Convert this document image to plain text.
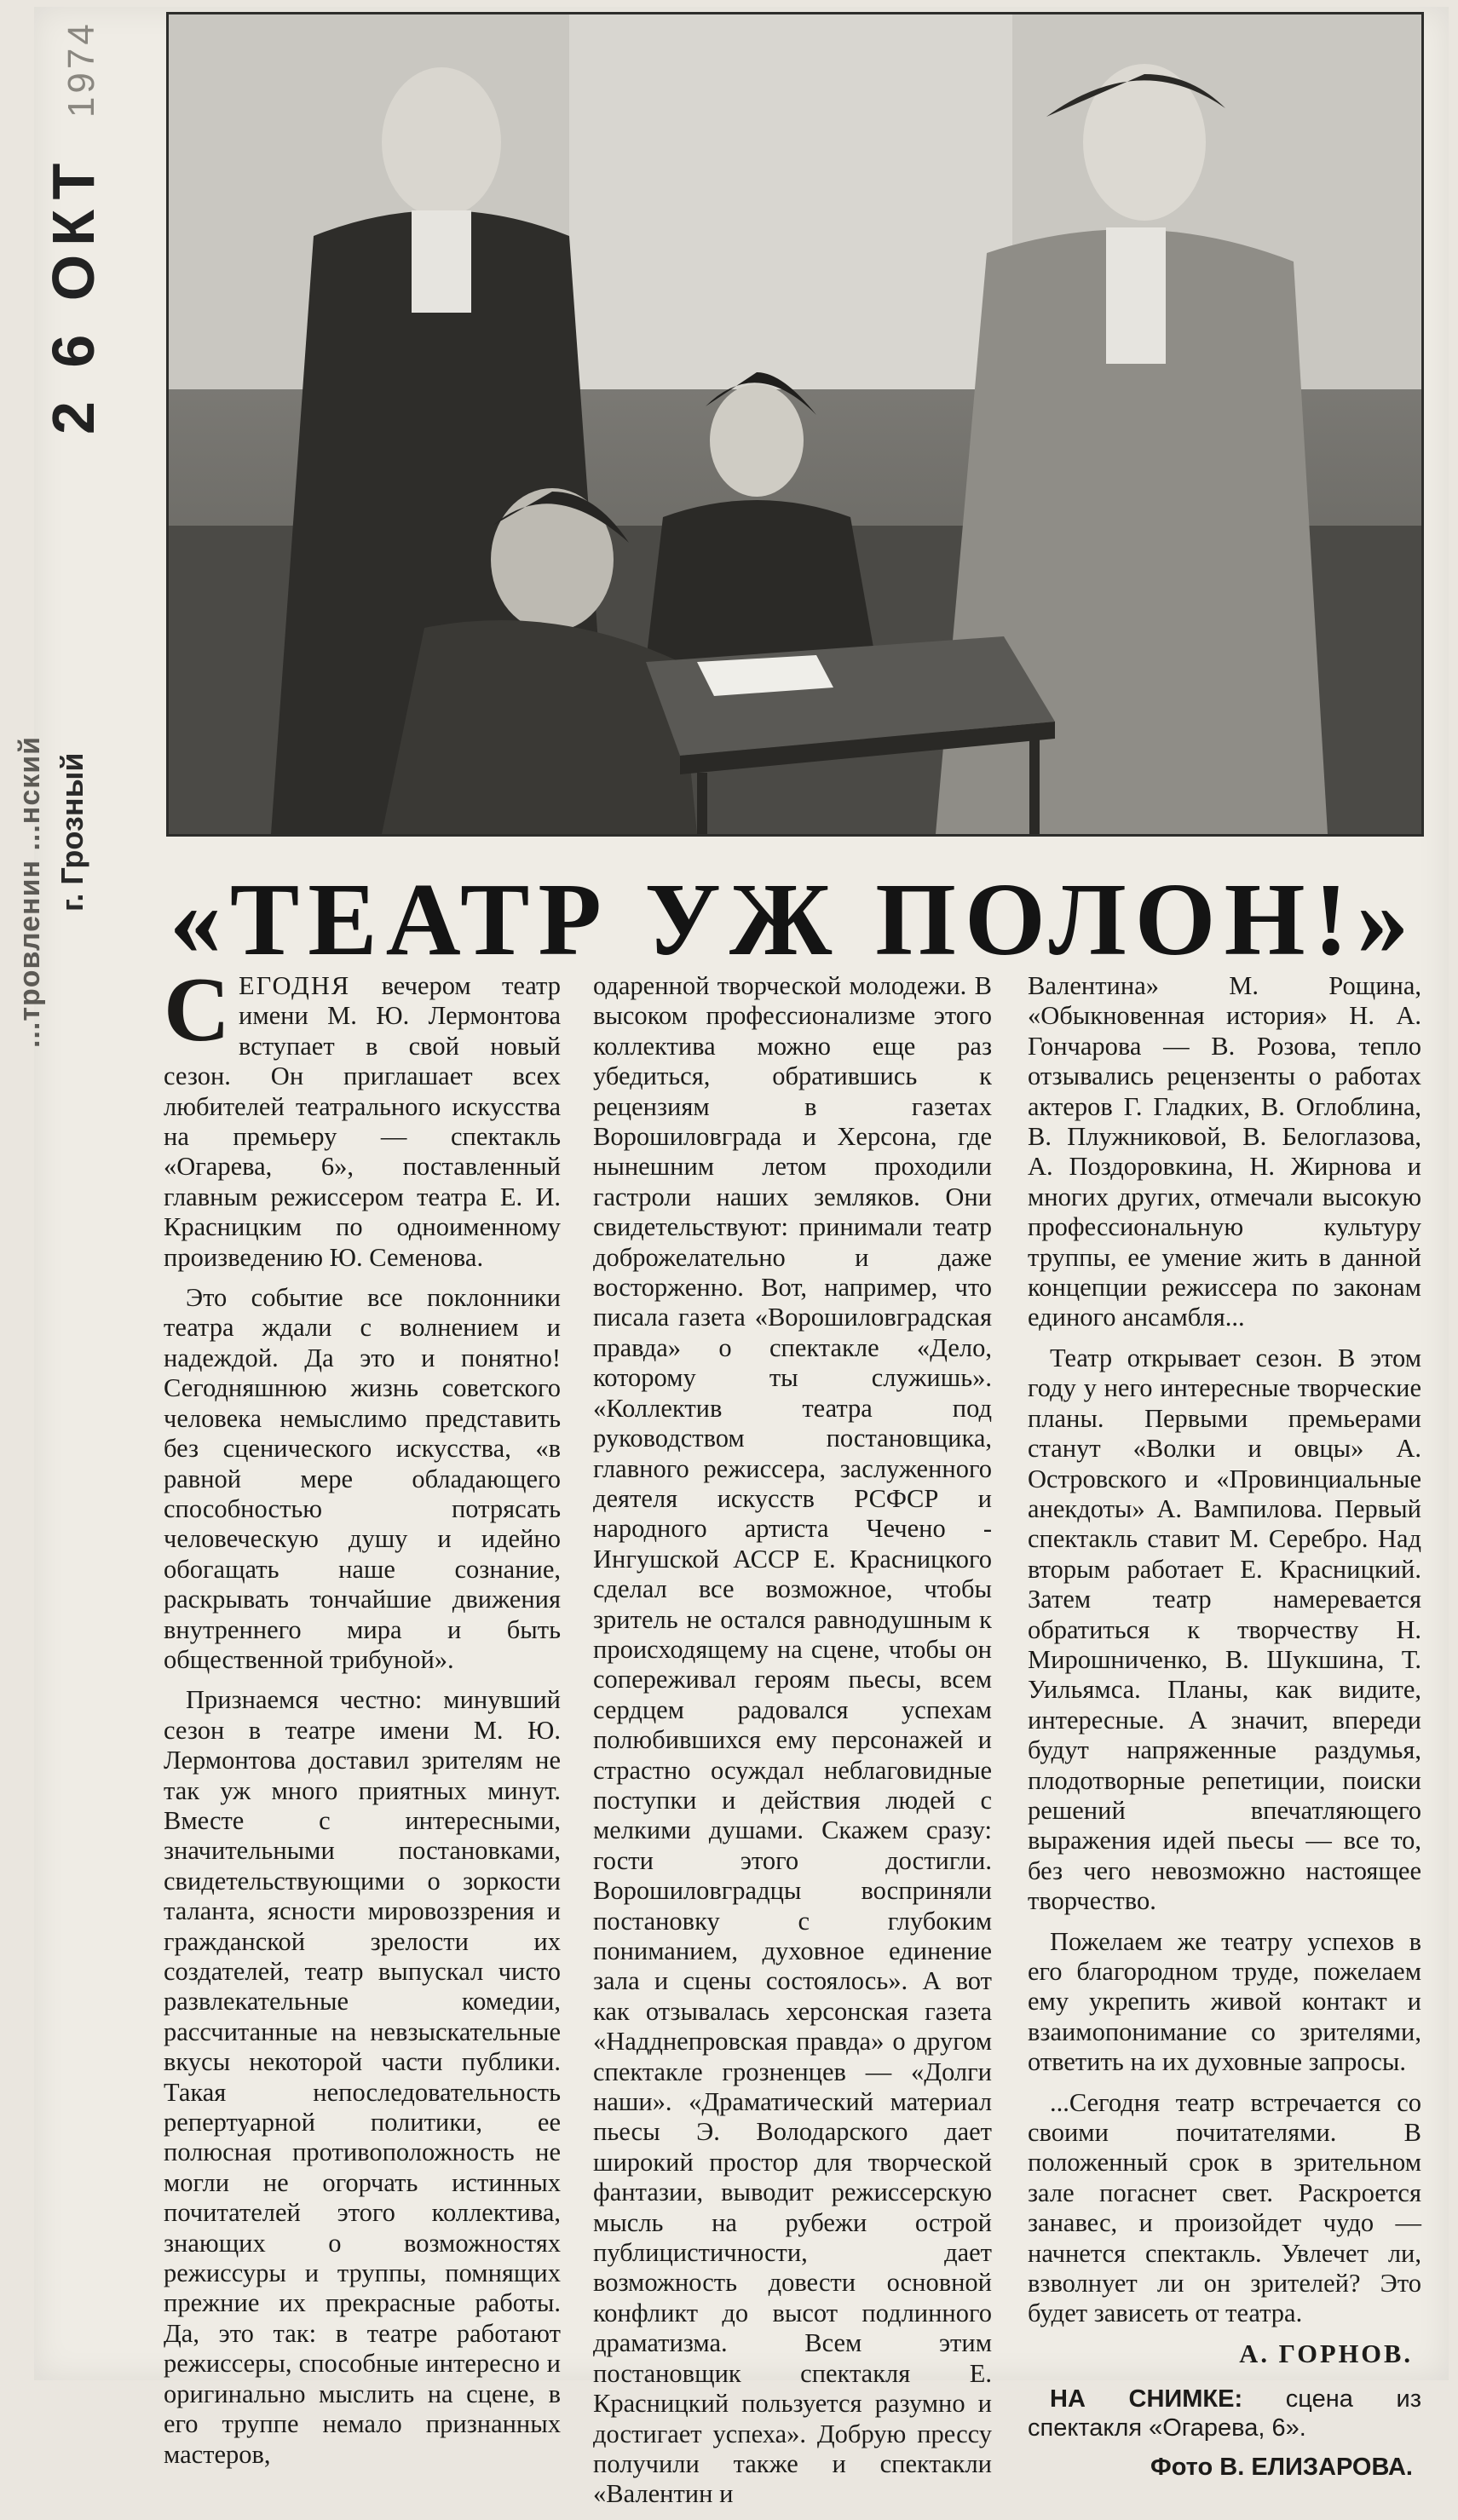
2 6 ОКТ 1974
...тровленин ...нский г. Грозный
«ТЕАТР УЖ ПОЛОН!»

СЕГОДНЯ вечером театр имени М. Ю. Лермонтова вступает в свой новый сезон. Он приглашает всех любителей театрального искусства на премьеру — спектакль «Огарева, 6», поставленный главным режиссером театра Е. И. Красницким по одноименному произведению Ю. Семенова.

Это событие все поклонники театра ждали с волнением и надеждой. Да это и понятно! Сегодняшнюю жизнь советского человека немыслимо представить без сценического искусства, «в равной мере обладающего способностью потрясать человеческую душу и идейно обогащать наше сознание, раскрывать тончайшие движения внутреннего мира и быть общественной трибуной».

Признаемся честно: минувший сезон в театре имени М. Ю. Лермонтова доставил зрителям не так уж много приятных минут. Вместе с интересными, значительными постановками, свидетельствующими о зоркости таланта, ясности мировоззрения и гражданской зрелости их создателей, театр выпускал чисто развлекательные комедии, рассчитанные на невзыскательные вкусы некоторой части публики. Такая непоследовательность репертуарной политики, ее полюсная противоположность не могли не огорчать истинных почитателей этого коллектива, знающих о возможностях режиссуры и труппы, помнящих прежние их прекрасные работы. Да, это так: в театре работают режиссеры, способные интересно и оригинально мыслить на сцене, в его труппе немало признанных мастеров,

одаренной творческой молодежи. В высоком профессионализме этого коллектива можно еще раз убедиться, обратившись к рецензиям в газетах Ворошиловграда и Херсона, где нынешним летом проходили гастроли наших земляков. Они свидетельствуют: принимали театр доброжелательно и даже восторженно. Вот, например, что писала газета «Ворошиловградская правда» о спектакле «Дело, которому ты служишь». «Коллектив театра под руководством постановщика, главного режиссера, заслуженного деятеля искусств РСФСР и народного артиста Чечено - Ингушской АССР Е. Красницкого сделал все возможное, чтобы зритель не остался равнодушным к происходящему на сцене, чтобы он сопереживал героям пьесы, всем сердцем радовался успехам полюбившихся ему персонажей и страстно осуждал неблаговидные поступки и действия людей с мелкими душами. Скажем сразу: гости этого достигли. Ворошиловградцы восприняли постановку с глубоким пониманием, духовное единение зала и сцены состоялось». А вот как отзывалась херсонская газета «Надднепровская правда» о другом спектакле грозненцев — «Долги наши». «Драматический материал пьесы Э. Володарского дает широкий простор для творческой фантазии, выводит режиссерскую мысль на рубежи острой публицистичности, дает возможность довести основной конфликт до высот подлинного драматизма. Всем этим постановщик спектакля Е. Красницкий пользуется разумно и достигает успеха». Добрую прессу получили также и спектакли «Валентин и

Валентина» М. Рощина, «Обыкновенная история» Н. А. Гончарова — В. Розова, тепло отзывались рецензенты о работах актеров Г. Гладких, В. Оглоблина, В. Плужниковой, В. Белоглазова, А. Поздоровкина, Н. Жирнова и многих других, отмечали высокую профессиональную культуру труппы, ее умение жить в данной концепции режиссера по законам единого ансамбля...

Театр открывает сезон. В этом году у него интересные творческие планы. Первыми премьерами станут «Волки и овцы» А. Островского и «Провинциальные анекдоты» А. Вампилова. Первый спектакль ставит М. Серебро. Над вторым работает Е. Красницкий. Затем театр намеревается обратиться к творчеству Н. Мирошниченко, В. Шукшина, Т. Уильямса. Планы, как видите, интересные. А значит, впереди будут напряженные раздумья, плодотворные репетиции, поиски решений впечатляющего выражения идей пьесы — все то, без чего невозможно настоящее творчество.

Пожелаем же театру успехов в его благородном труде, пожелаем ему укрепить живой контакт и взаимопонимание со зрителями, ответить на их духовные запросы.

...Сегодня театр встречается со своими почитателями. В положенный срок в зрительном зале погаснет свет. Раскроется занавес, и произойдет чудо — начнется спектакль. Увлечет ли, взволнует ли он зрителей? Это будет зависеть от театра.

А. ГОРНОВ.

НА СНИМКЕ: сцена из спектакля «Огарева, 6».

Фото В. ЕЛИЗАРОВА.
